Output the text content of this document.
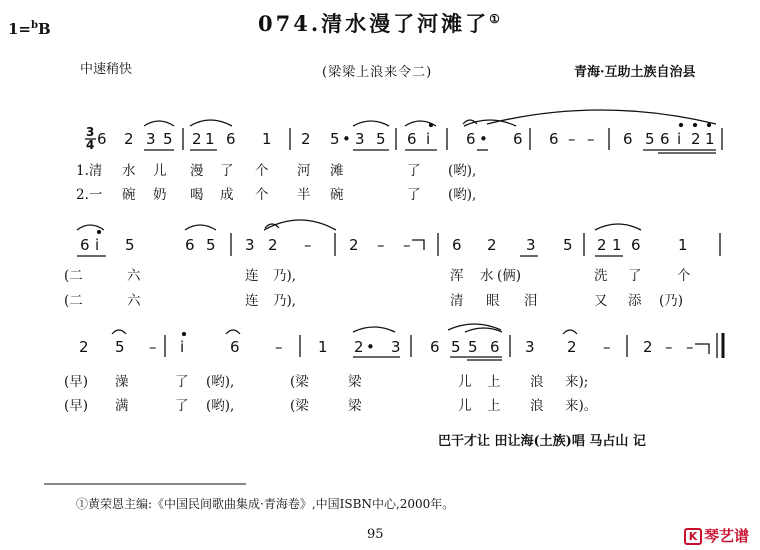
1=$^b$B	074.清水漫了河滩了①
中速稍快	(梁梁上浪来令二)	青海·互助土族自治县
3
4 6 2 3 5 2 1 6 1 2 5 • 3 5 6 i 6 • 6 6 – – 6 5 6 i 2 1
1.清 水 儿 漫 了 个 河 滩	了 (哟),
2.一 碗 奶 喝 成 个 半 碗	了 (哟),
6 i 5	6 5 3 2 –	2 – –	6 2 3 5 2 1 6 1
(二	六	连 乃),	浑 水 (俩)	洗 了	个
(二	六	连 乃),	清 眼 泪	又 添 (乃)
2 5 – i	6 – 1 2 • 3 6 5 5 6 3 2 – 2 – –
(早) 澡	了 (哟),	(梁	梁	儿 上 浪 来);
(早) 满	了 (哟),	(梁	梁	儿 上 浪 来)。
巴干才让 田让海(土族)唱 马占山 记
①黄荣恩主编:《中国民间歌曲集成·青海卷》,中国ISBN中心,2000年。
95	K 琴艺谱
